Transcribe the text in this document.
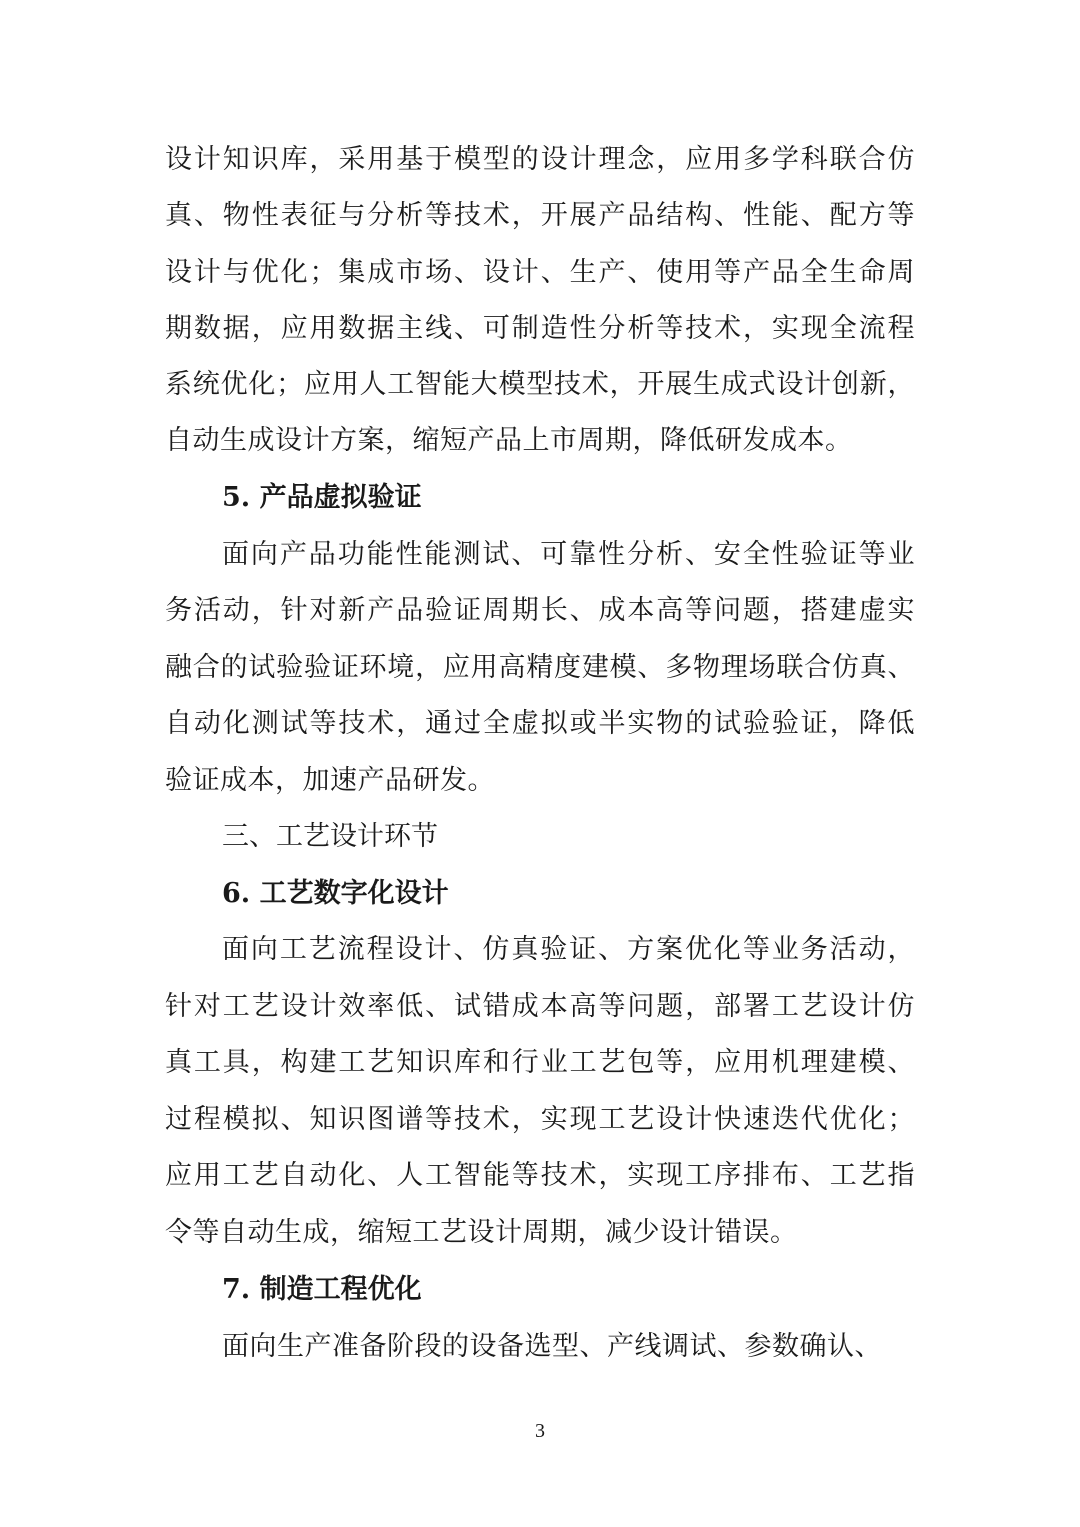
设计知识库，采用基于模型的设计理念，应用多学科联合仿
真、物性表征与分析等技术，开展产品结构、性能、配方等
设计与优化；集成市场、设计、生产、使用等产品全生命周
期数据，应用数据主线、可制造性分析等技术，实现全流程
系统优化；应用人工智能大模型技术，开展生成式设计创新，
自动生成设计方案，缩短产品上市周期，降低研发成本。
5. 产品虚拟验证
面向产品功能性能测试、可靠性分析、安全性验证等业
务活动，针对新产品验证周期长、成本高等问题，搭建虚实
融合的试验验证环境，应用高精度建模、多物理场联合仿真、
自动化测试等技术，通过全虚拟或半实物的试验验证，降低
验证成本，加速产品研发。
三、工艺设计环节
6. 工艺数字化设计
面向工艺流程设计、仿真验证、方案优化等业务活动，
针对工艺设计效率低、试错成本高等问题，部署工艺设计仿
真工具，构建工艺知识库和行业工艺包等，应用机理建模、
过程模拟、知识图谱等技术，实现工艺设计快速迭代优化；
应用工艺自动化、人工智能等技术，实现工序排布、工艺指
令等自动生成，缩短工艺设计周期，减少设计错误。
7. 制造工程优化
面向生产准备阶段的设备选型、产线调试、参数确认、
3
